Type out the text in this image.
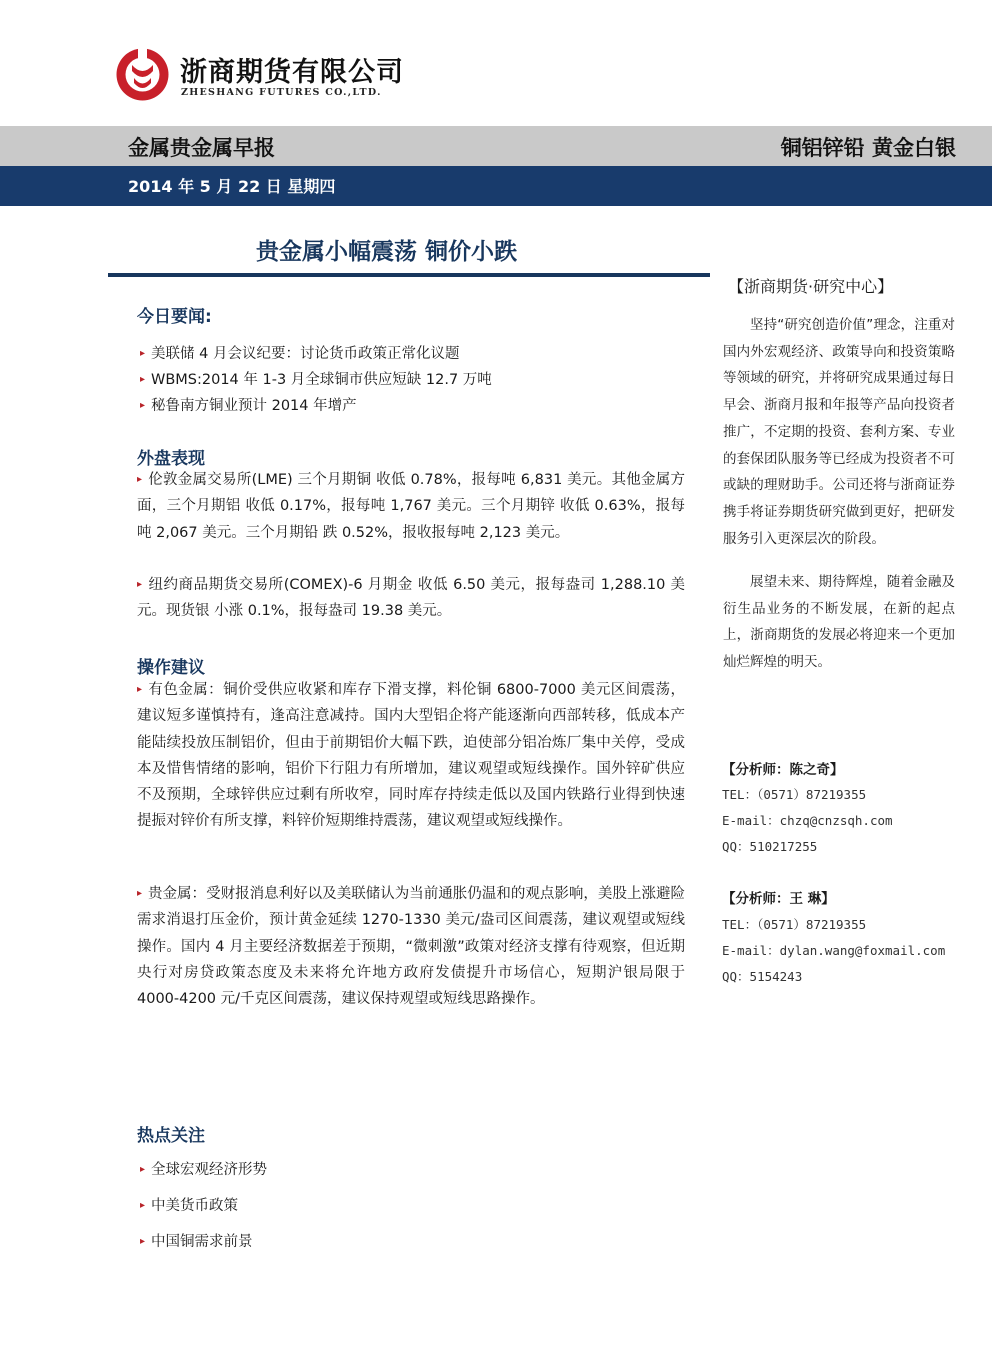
浙商期货有限公司
ZHESHANG FUTURES CO.,LTD.
金属贵金属早报	铜铝锌铅 黄金白银
2014 年 5 月 22 日 星期四
贵金属小幅震荡 铜价小跌
今日要闻:
▸ 美联储 4 月会议纪要：讨论货币政策正常化议题
▸ WBMS:2014 年 1-3 月全球铜市供应短缺 12.7 万吨
▸ 秘鲁南方铜业预计 2014 年增产
外盘表现
▸ 伦敦金属交易所(LME) 三个月期铜 收低 0.78%，报每吨 6,831 美元。其他金属方面，三个月期铝 收低 0.17%，报每吨 1,767 美元。三个月期锌 收低 0.63%，报每吨 2,067 美元。三个月期铅 跌 0.52%，报收报每吨 2,123 美元。
▸ 纽约商品期货交易所(COMEX)-6 月期金 收低 6.50 美元，报每盎司 1,288.10 美元。现货银 小涨 0.1%，报每盎司 19.38 美元。
操作建议
▸ 有色金属：铜价受供应收紧和库存下滑支撑，料伦铜 6800-7000 美元区间震荡，建议短多谨慎持有，逢高注意减持。国内大型铝企将产能逐渐向西部转移，低成本产能陆续投放压制铝价，但由于前期铝价大幅下跌，迫使部分铝冶炼厂集中关停，受成本及惜售情绪的影响，铝价下行阻力有所增加，建议观望或短线操作。国外锌矿供应不及预期，全球锌供应过剩有所收窄，同时库存持续走低以及国内铁路行业得到快速提振对锌价有所支撑，料锌价短期维持震荡，建议观望或短线操作。
▸ 贵金属：受财报消息利好以及美联储认为当前通胀仍温和的观点影响，美股上涨避险需求消退打压金价，预计黄金延续 1270-1330 美元/盎司区间震荡，建议观望或短线操作。国内 4 月主要经济数据差于预期，“微刺激”政策对经济支撑有待观察，但近期央行对房贷政策态度及未来将允许地方政府发债提升市场信心，短期沪银局限于 4000-4200 元/千克区间震荡，建议保持观望或短线思路操作。
热点关注
▸ 全球宏观经济形势
▸ 中美货币政策
▸ 中国铜需求前景
【浙商期货·研究中心】
坚持“研究创造价值”理念，注重对国内外宏观经济、政策导向和投资策略等领域的研究，并将研究成果通过每日早会、浙商月报和年报等产品向投资者推广，不定期的投资、套利方案、专业的套保团队服务等已经成为投资者不可或缺的理财助手。公司还将与浙商证券携手将证券期货研究做到更好，把研发服务引入更深层次的阶段。
展望未来、期待辉煌，随着金融及衍生品业务的不断发展，在新的起点上，浙商期货的发展必将迎来一个更加灿烂辉煌的明天。
【分析师：陈之奇】
TEL：（0571）87219355
E-mail：chzq@cnzsqh.com
QQ：510217255
【分析师：王 琳】
TEL：（0571）87219355
E-mail：dylan.wang@foxmail.com
QQ：5154243
